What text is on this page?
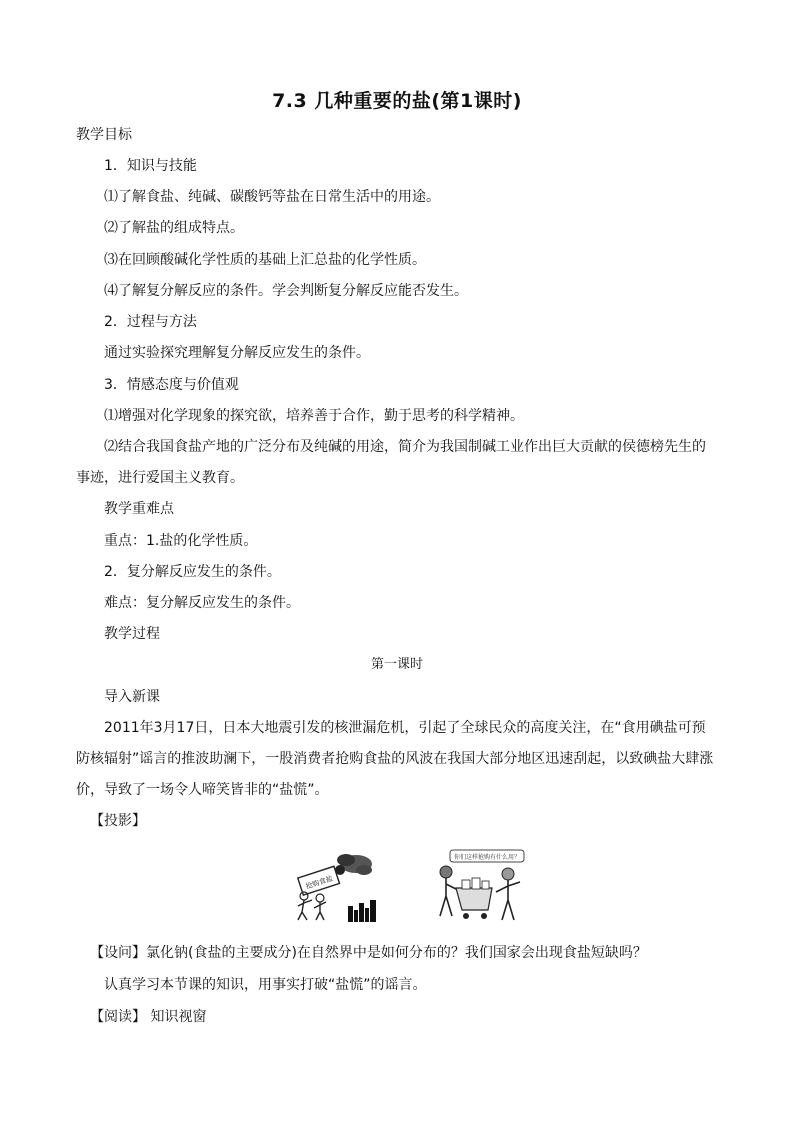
7.3 几种重要的盐(第1课时)
教学目标
1．知识与技能
⑴了解食盐、纯碱、碳酸钙等盐在日常生活中的用途。
⑵了解盐的组成特点。
⑶在回顾酸碱化学性质的基础上汇总盐的化学性质。
⑷了解复分解反应的条件。学会判断复分解反应能否发生。
2．过程与方法
通过实验探究理解复分解反应发生的条件。
3．情感态度与价值观
⑴增强对化学现象的探究欲，培养善于合作，勤于思考的科学精神。
⑵结合我国食盐产地的广泛分布及纯碱的用途，简介为我国制碱工业作出巨大贡献的侯德榜先生的
事迹，进行爱国主义教育。
教学重难点
重点：1.盐的化学性质。
2．复分解反应发生的条件。
难点：复分解反应发生的条件。
教学过程
第一课时
导入新课
2011年3月17日，日本大地震引发的核泄漏危机，引起了全球民众的高度关注，在“食用碘盐可预
防核辐射”谣言的推波助澜下，一股消费者抢购食盐的风波在我国大部分地区迅速刮起，以致碘盐大肆涨
价，导致了一场令人啼笑皆非的“盐慌”。
【投影】
抢购食盐
你们这样抢购有什么用？
【设问】氯化钠(食盐的主要成分)在自然界中是如何分布的？我们国家会出现食盐短缺吗？
认真学习本节课的知识，用事实打破“盐慌”的谣言。
【阅读】 知识视窗
